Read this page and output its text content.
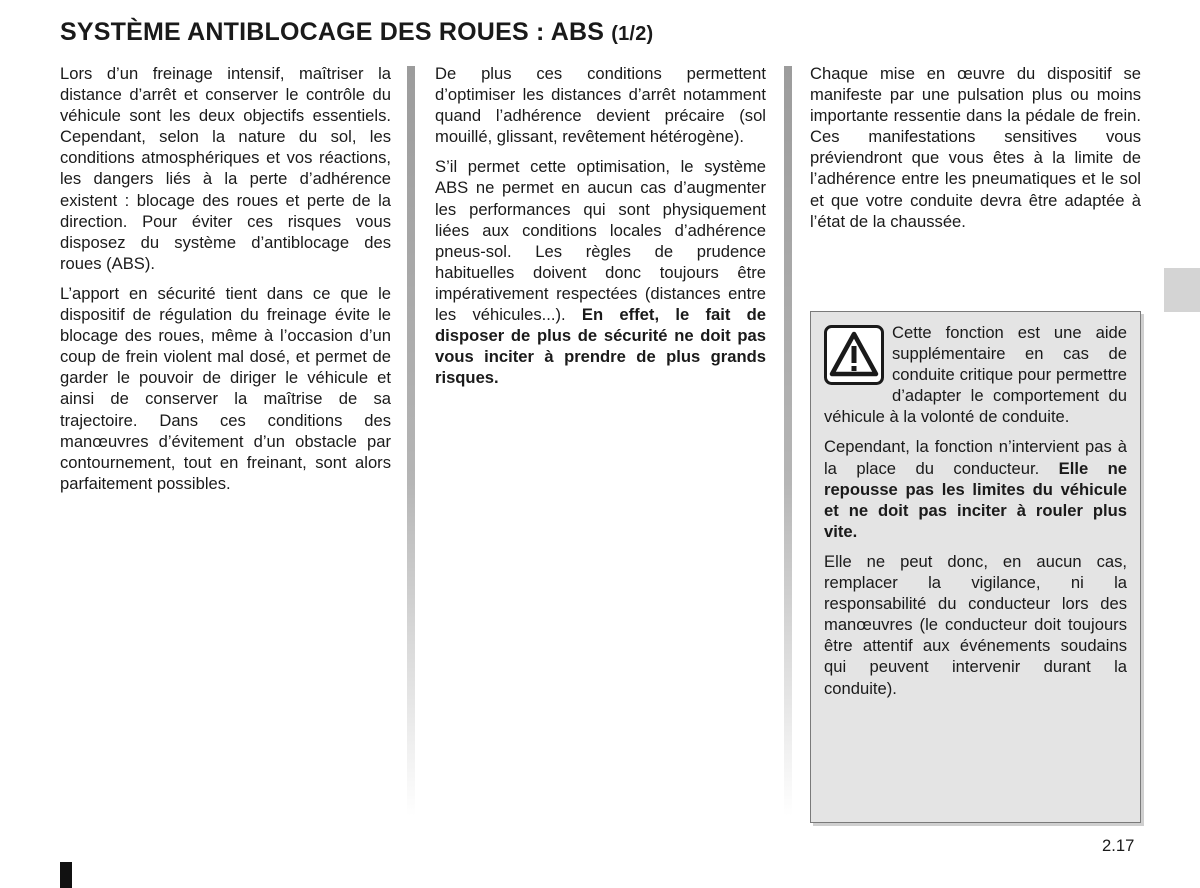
SYSTÈME ANTIBLOCAGE DES ROUES : ABS (1/2)

Lors d’un freinage intensif, maîtriser la distance d’arrêt et conserver le contrôle du véhicule sont les deux objectifs essentiels. Cependant, selon la nature du sol, les conditions atmosphériques et vos réactions, les dangers liés à la perte d’adhérence existent : blocage des roues et perte de la direction. Pour éviter ces risques vous disposez du système d’antiblocage des roues (ABS).

L’apport en sécurité tient dans ce que le dispositif de régulation du freinage évite le blocage des roues, même à l’occasion d’un coup de frein violent mal dosé, et permet de garder le pouvoir de diriger le véhicule et ainsi de conserver la maîtrise de sa trajectoire. Dans ces conditions des manœuvres d’évitement d’un obstacle par contournement, tout en freinant, sont alors parfaitement possibles.

De plus ces conditions permettent d’optimiser les distances d’arrêt notamment quand l’adhérence devient précaire (sol mouillé, glissant, revêtement hétérogène).

S’il permet cette optimisation, le système ABS ne permet en aucun cas d’augmenter les performances qui sont physiquement liées aux conditions locales d’adhérence pneus-sol. Les règles de prudence habituelles doivent donc toujours être impérativement respectées (distances entre les véhicules...). En effet, le fait de disposer de plus de sécurité ne doit pas vous inciter à prendre de plus grands risques.

Chaque mise en œuvre du dispositif se manifeste par une pulsation plus ou moins importante ressentie dans la pédale de frein. Ces manifestations sensitives vous préviendront que vous êtes à la limite de l’adhérence entre les pneumatiques et le sol et que votre conduite devra être adaptée à l’état de la chaussée.

Cette fonction est une aide supplémentaire en cas de conduite critique pour permettre d’adapter le comportement du véhicule à la volonté de conduite.

Cependant, la fonction n’intervient pas à la place du conducteur. Elle ne repousse pas les limites du véhicule et ne doit pas inciter à rouler plus vite.

Elle ne peut donc, en aucun cas, remplacer la vigilance, ni la responsabilité du conducteur lors des manœuvres (le conducteur doit toujours être attentif aux événements soudains qui peuvent intervenir durant la conduite).

2.17
